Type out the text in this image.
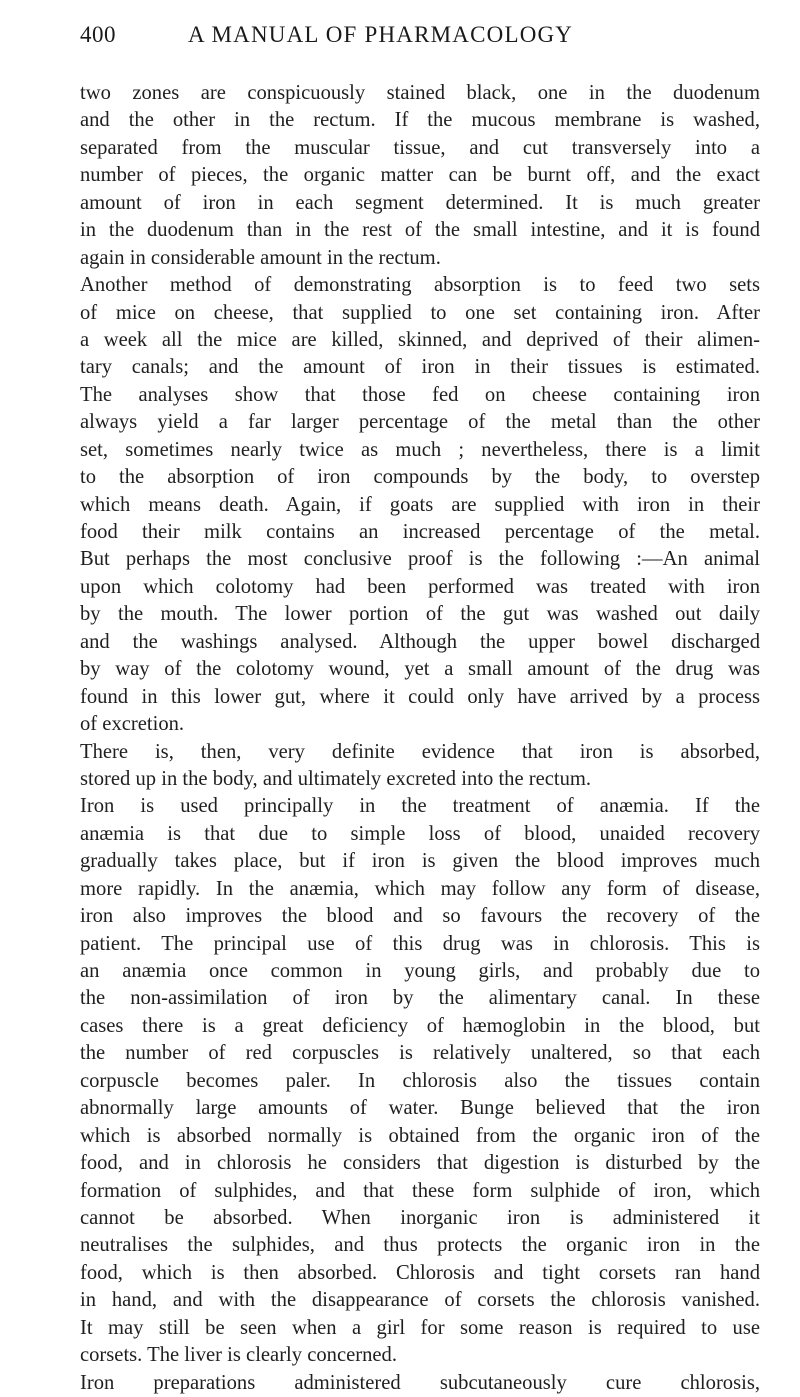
400	A MANUAL OF PHARMACOLOGY
two zones are conspicuously stained black, one in the duodenum
and the other in the rectum. If the mucous membrane is washed,
separated from the muscular tissue, and cut transversely into a
number of pieces, the organic matter can be burnt off, and the exact
amount of iron in each segment determined. It is much greater
in the duodenum than in the rest of the small intestine, and it is found
again in considerable amount in the rectum.
Another method of demonstrating absorption is to feed two sets
of mice on cheese, that supplied to one set containing iron. After
a week all the mice are killed, skinned, and deprived of their alimen-
tary canals; and the amount of iron in their tissues is estimated.
The analyses show that those fed on cheese containing iron
always yield a far larger percentage of the metal than the other
set, sometimes nearly twice as much ; nevertheless, there is a limit
to the absorption of iron compounds by the body, to overstep
which means death. Again, if goats are supplied with iron in their
food their milk contains an increased percentage of the metal.
But perhaps the most conclusive proof is the following :—An animal
upon which colotomy had been performed was treated with iron
by the mouth. The lower portion of the gut was washed out daily
and the washings analysed. Although the upper bowel discharged
by way of the colotomy wound, yet a small amount of the drug was
found in this lower gut, where it could only have arrived by a process
of excretion.
There is, then, very definite evidence that iron is absorbed,
stored up in the body, and ultimately excreted into the rectum.
Iron is used principally in the treatment of anæmia. If the
anæmia is that due to simple loss of blood, unaided recovery
gradually takes place, but if iron is given the blood improves much
more rapidly. In the anæmia, which may follow any form of disease,
iron also improves the blood and so favours the recovery of the
patient. The principal use of this drug was in chlorosis. This is
an anæmia once common in young girls, and probably due to
the non-assimilation of iron by the alimentary canal. In these
cases there is a great deficiency of hæmoglobin in the blood, but
the number of red corpuscles is relatively unaltered, so that each
corpuscle becomes paler. In chlorosis also the tissues contain
abnormally large amounts of water. Bunge believed that the iron
which is absorbed normally is obtained from the organic iron of the
food, and in chlorosis he considers that digestion is disturbed by the
formation of sulphides, and that these form sulphide of iron, which
cannot be absorbed. When inorganic iron is administered it
neutralises the sulphides, and thus protects the organic iron in the
food, which is then absorbed. Chlorosis and tight corsets ran hand
in hand, and with the disappearance of corsets the chlorosis vanished.
It may still be seen when a girl for some reason is required to use
corsets. The liver is clearly concerned.
Iron preparations administered subcutaneously cure chlorosis,
